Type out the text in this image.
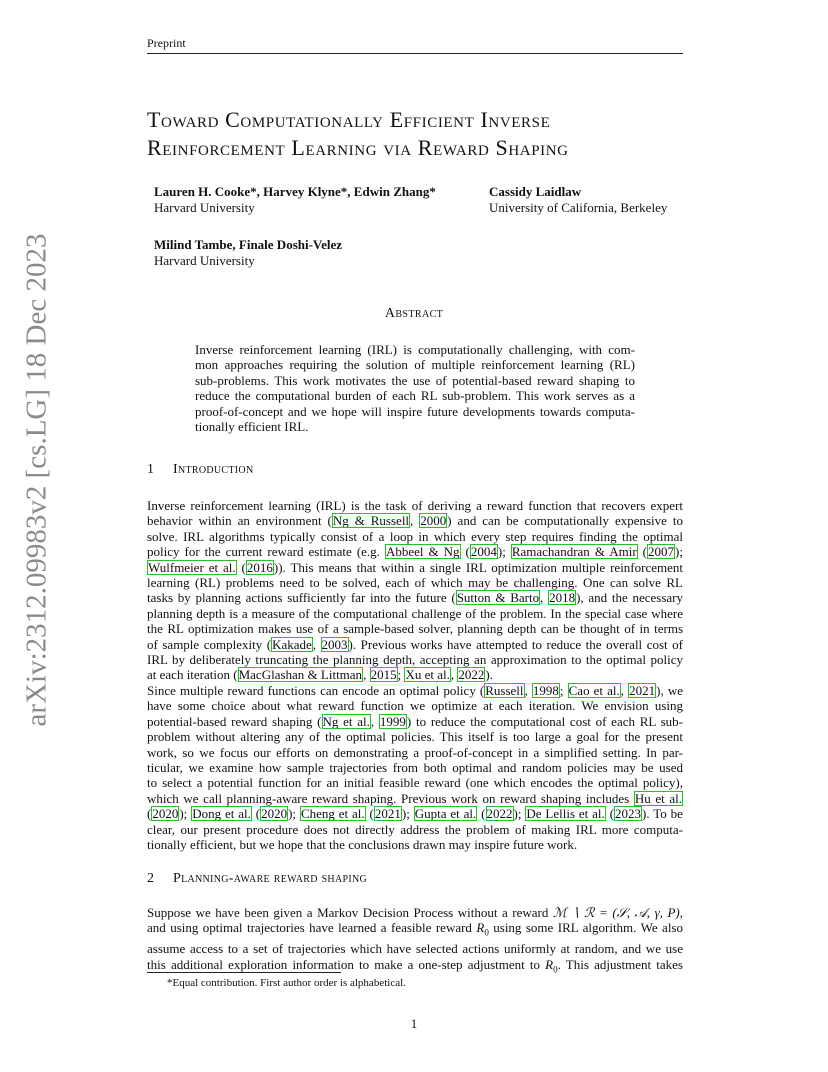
Preprint
arXiv:2312.09983v2 [cs.LG] 18 Dec 2023
Toward Computationally Efficient Inverse
Reinforcement Learning via Reward Shaping
Lauren H. Cooke*, Harvey Klyne*, Edwin Zhang*
Harvard University
Cassidy Laidlaw
University of California, Berkeley
Milind Tambe, Finale Doshi-Velez
Harvard University
Abstract
Inverse reinforcement learning (IRL) is computationally challenging, with com-
mon approaches requiring the solution of multiple reinforcement learning (RL)
sub-problems. This work motivates the use of potential-based reward shaping to
reduce the computational burden of each RL sub-problem. This work serves as a
proof-of-concept and we hope will inspire future developments towards computa-
tionally efficient IRL.
1 Introduction
Inverse reinforcement learning (IRL) is the task of deriving a reward function that recovers expert
behavior within an environment (Ng & Russell, 2000) and can be computationally expensive to
solve. IRL algorithms typically consist of a loop in which every step requires finding the optimal
policy for the current reward estimate (e.g. Abbeel & Ng (2004); Ramachandran & Amir (2007);
Wulfmeier et al. (2016)). This means that within a single IRL optimization multiple reinforcement
learning (RL) problems need to be solved, each of which may be challenging. One can solve RL
tasks by planning actions sufficiently far into the future (Sutton & Barto, 2018), and the necessary
planning depth is a measure of the computational challenge of the problem. In the special case where
the RL optimization makes use of a sample-based solver, planning depth can be thought of in terms
of sample complexity (Kakade, 2003). Previous works have attempted to reduce the overall cost of
IRL by deliberately truncating the planning depth, accepting an approximation to the optimal policy
at each iteration (MacGlashan & Littman, 2015; Xu et al., 2022).
Since multiple reward functions can encode an optimal policy (Russell, 1998; Cao et al., 2021), we
have some choice about what reward function we optimize at each iteration. We envision using
potential-based reward shaping (Ng et al., 1999) to reduce the computational cost of each RL sub-
problem without altering any of the optimal policies. This itself is too large a goal for the present
work, so we focus our efforts on demonstrating a proof-of-concept in a simplified setting. In par-
ticular, we examine how sample trajectories from both optimal and random policies may be used
to select a potential function for an initial feasible reward (one which encodes the optimal policy),
which we call planning-aware reward shaping. Previous work on reward shaping includes Hu et al.
(2020); Dong et al. (2020); Cheng et al. (2021); Gupta et al. (2022); De Lellis et al. (2023). To be
clear, our present procedure does not directly address the problem of making IRL more computa-
tionally efficient, but we hope that the conclusions drawn may inspire future work.
2 Planning-aware reward shaping
Suppose we have been given a Markov Decision Process without a reward ℳ ∖ ℛ = (𝒮, 𝒜, γ, P),
and using optimal trajectories have learned a feasible reward $R_0$ using some IRL algorithm. We also
assume access to a set of trajectories which have selected actions uniformly at random, and we use
this additional exploration information to make a one-step adjustment to $R_0$. This adjustment takes
*Equal contribution. First author order is alphabetical.
1
